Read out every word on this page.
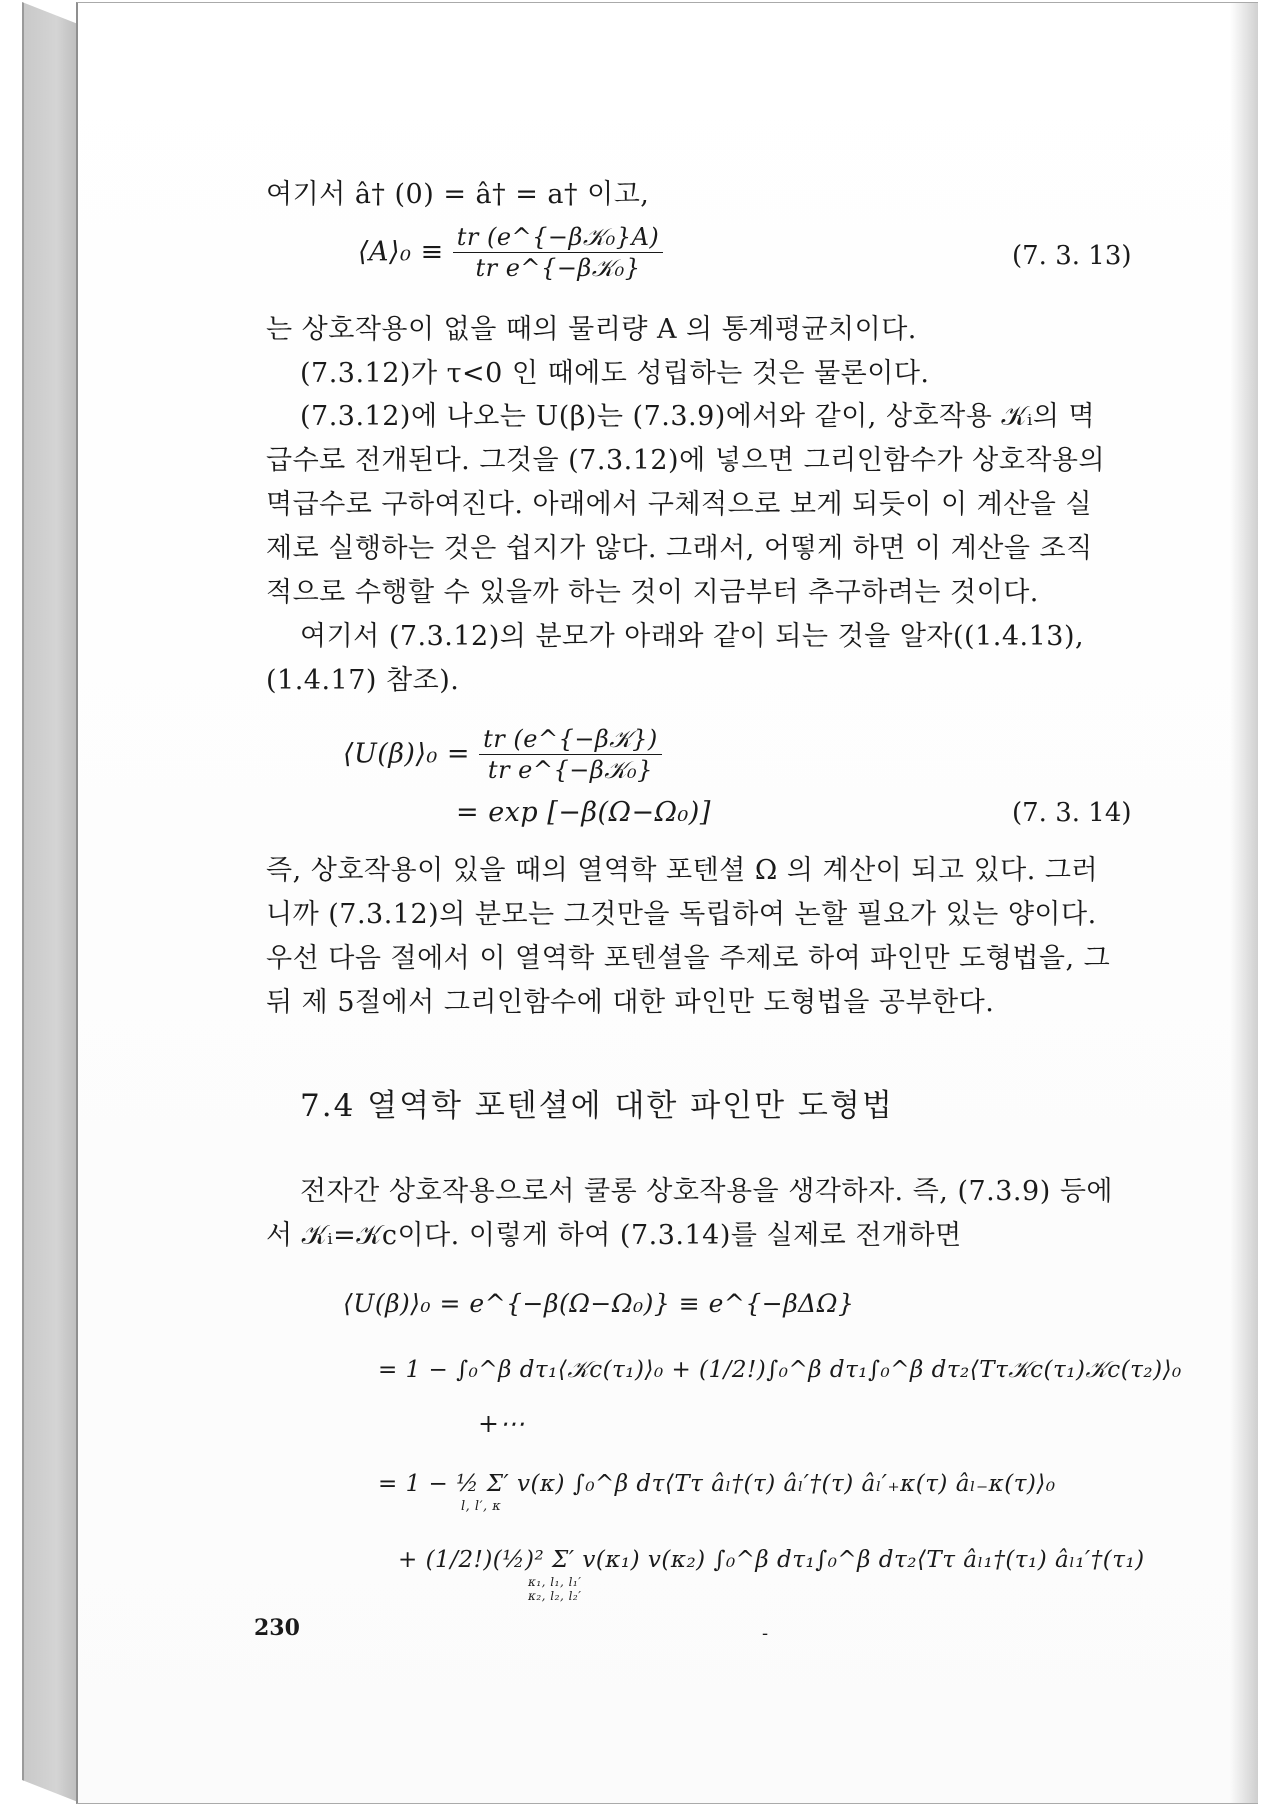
여기서 â† (0) = â† = a† 이고,
⟨A⟩₀ ≡ $\frac{\text{tr (e\textasciicircum{}\{−β𝒦₀\}A)}}{\text{tr e\textasciicircum{}\{−β𝒦₀\}}}$	(7. 3. 13)
는 상호작용이 없을 때의 물리량 A 의 통계평균치이다.
(7.3.12)가 τ<0 인 때에도 성립하는 것은 물론이다.
(7.3.12)에 나오는 U(β)는 (7.3.9)에서와 같이, 상호작용 𝒦ᵢ의 멱
급수로 전개된다. 그것을 (7.3.12)에 넣으면 그리인함수가 상호작용의
멱급수로 구하여진다. 아래에서 구체적으로 보게 되듯이 이 계산을 실
제로 실행하는 것은 쉽지가 않다. 그래서, 어떻게 하면 이 계산을 조직
적으로 수행할 수 있을까 하는 것이 지금부터 추구하려는 것이다.
여기서 (7.3.12)의 분모가 아래와 같이 되는 것을 알자((1.4.13),
(1.4.17) 참조).
⟨U(β)⟩₀ = $\frac{\text{tr (e\textasciicircum{}\{−β𝒦\})}}{\text{tr e\textasciicircum{}\{−β𝒦₀\}}}$
= exp [−β(Ω−Ω₀)]	(7. 3. 14)
즉, 상호작용이 있을 때의 열역학 포텐셜 Ω 의 계산이 되고 있다. 그러
니까 (7.3.12)의 분모는 그것만을 독립하여 논할 필요가 있는 양이다.
우선 다음 절에서 이 열역학 포텐셜을 주제로 하여 파인만 도형법을, 그
뒤 제 5절에서 그리인함수에 대한 파인만 도형법을 공부한다.
7.4 열역학 포텐셜에 대한 파인만 도형법
전자간 상호작용으로서 쿨롱 상호작용을 생각하자. 즉, (7.3.9) 등에
서 𝒦ᵢ=𝒦c이다. 이렇게 하여 (7.3.14)를 실제로 전개하면
⟨U(β)⟩₀ = e^{−β(Ω−Ω₀)} ≡ e^{−βΔΩ}
= 1 − ∫₀^β dτ₁⟨𝒦c(τ₁)⟩₀ + (1/2!)∫₀^β dτ₁∫₀^β dτ₂⟨Tτ𝒦c(τ₁)𝒦c(τ₂)⟩₀
+⋯
= 1 − ½ Σ′ v(κ) ∫₀^β dτ⟨Tτ âₗ†(τ) âₗ′†(τ) âₗ′₊κ(τ) âₗ₋κ(τ)⟩₀
l, l′, κ
+ (1/2!)(½)² Σ′ v(κ₁) v(κ₂) ∫₀^β dτ₁∫₀^β dτ₂⟨Tτ âₗ₁†(τ₁) âₗ₁′†(τ₁)
κ₁, l₁, l₁′
κ₂, l₂, l₂′
230	-
